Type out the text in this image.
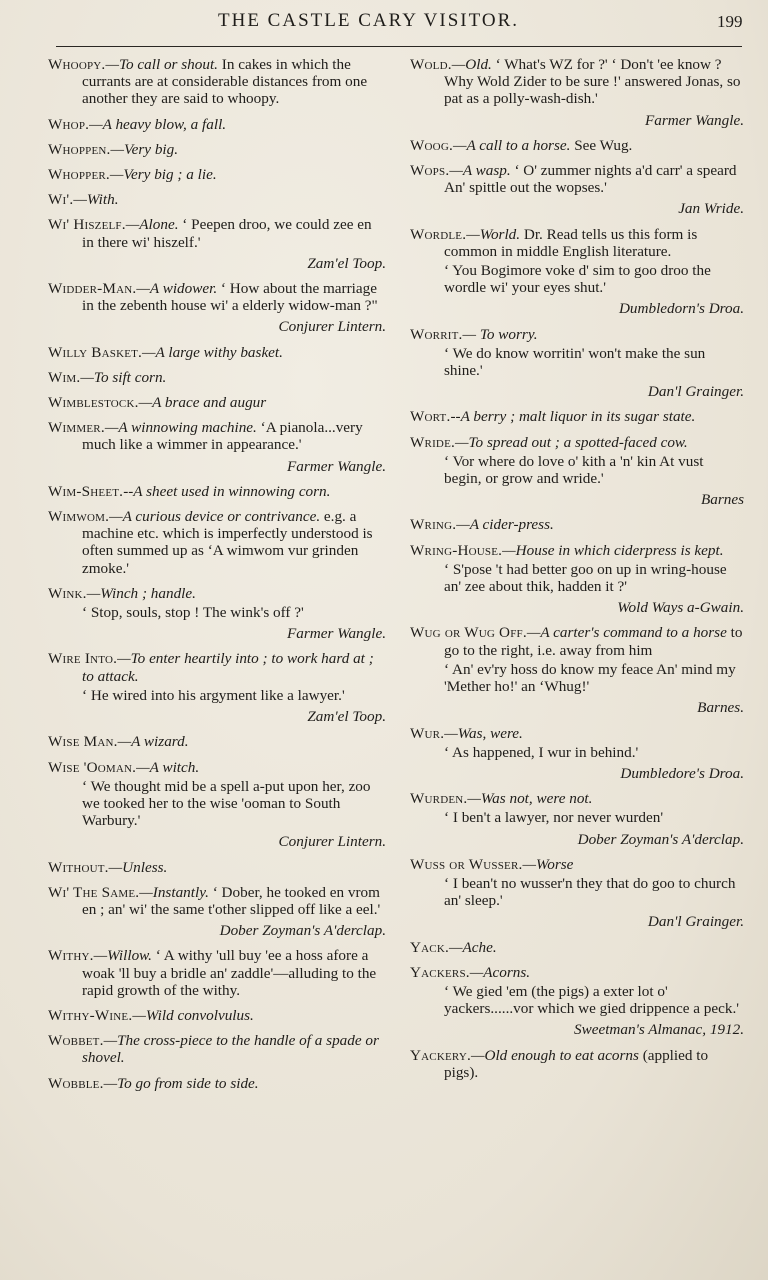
THE CASTLE CARY VISITOR.	199
Whoopy.—To call or shout. In cakes in which the currants are at considerable distances from one another they are said to whoopy.
Whop.—A heavy blow, a fall.
Whoppen.—Very big.
Whopper.—Very big ; a lie.
Wi'.—With.
Wi' Hiszelf.—Alone. ‘ Peepen droo, we could zee en in there wi' hiszelf.'
Zam'el Toop.
Widder-Man.—A widower. ‘ How about the marriage in the zebenth house wi' a elderly widow-man ?"
Conjurer Lintern.
Willy Basket.—A large withy basket.
Wim.—To sift corn.
Wimblestock.—A brace and augur
Wimmer.—A winnowing machine. ‘A pianola...very much like a wimmer in appearance.'
Farmer Wangle.
Wim-Sheet.--A sheet used in winnowing corn.
Wimwom.—A curious device or contrivance. e.g. a machine etc. which is imperfectly understood is often summed up as ‘A wimwom vur grinden zmoke.'
Wink.—Winch ; handle.
‘ Stop, souls, stop ! The wink's off ?'
Farmer Wangle.
Wire Into.—To enter heartily into ; to work hard at ; to attack.
‘ He wired into his argyment like a lawyer.'
Zam'el Toop.
Wise Man.—A wizard.
Wise 'Ooman.—A witch.
‘ We thought mid be a spell a-put upon her, zoo we tooked her to the wise 'ooman to South Warbury.'
Conjurer Lintern.
Without.—Unless.
Wi' The Same.—Instantly. ‘ Dober, he tooked en vrom en ; an' wi' the same t'other slipped off like a eel.'
Dober Zoyman's A'derclap.
Withy.—Willow. ‘ A withy 'ull buy 'ee a hoss afore a woak 'll buy a bridle an' zaddle'—alluding to the rapid growth of the withy.
Withy-Wine.—Wild convolvulus.
Wobbet.—The cross-piece to the handle of a spade or shovel.
Wobble.—To go from side to side.
Wold.—Old. ‘ What's WZ for ?' ‘ Don't 'ee know ? Why Wold Zider to be sure !' answered Jonas, so pat as a polly-wash-dish.'
Farmer Wangle.
Woog.—A call to a horse. See Wug.
Wops.—A wasp. ‘ O' zummer nights a'd carr' a speard An' spittle out the wopses.'
Jan Wride.
Wordle.—World. Dr. Read tells us this form is common in middle English literature.
‘ You Bogimore voke d' sim to goo droo the wordle wi' your eyes shut.'
Dumbledorn's Droa.
Worrit.— To worry.
‘ We do know worritin' won't make the sun shine.'
Dan'l Grainger.
Wort.--A berry ; malt liquor in its sugar state.
Wride.—To spread out ; a spotted-faced cow.
‘ Vor where do love o' kith a 'n' kin At vust begin, or grow and wride.'
Barnes
Wring.—A cider-press.
Wring-House.—House in which ciderpress is kept.
‘ S'pose 't had better goo on up in wring-house an' zee about thik, hadden it ?'
Wold Ways a-Gwain.
Wug or Wug Off.—A carter's command to a horse to go to the right, i.e. away from him
‘ An' ev'ry hoss do know my feace An' mind my 'Mether ho!' an ‘Whug!'
Barnes.
Wur.—Was, were.
‘ As happened, I wur in behind.'
Dumbledore's Droa.
Wurden.—Was not, were not.
‘ I ben't a lawyer, nor never wurden'
Dober Zoyman's A'derclap.
Wuss or Wusser.—Worse
‘ I bean't no wusser'n they that do goo to church an' sleep.'
Dan'l Grainger.
Yack.—Ache.
Yackers.—Acorns.
‘ We gied 'em (the pigs) a exter lot o' yackers......vor which we gied drippence a peck.'
Sweetman's Almanac, 1912.
Yackery.—Old enough to eat acorns (applied to pigs).
